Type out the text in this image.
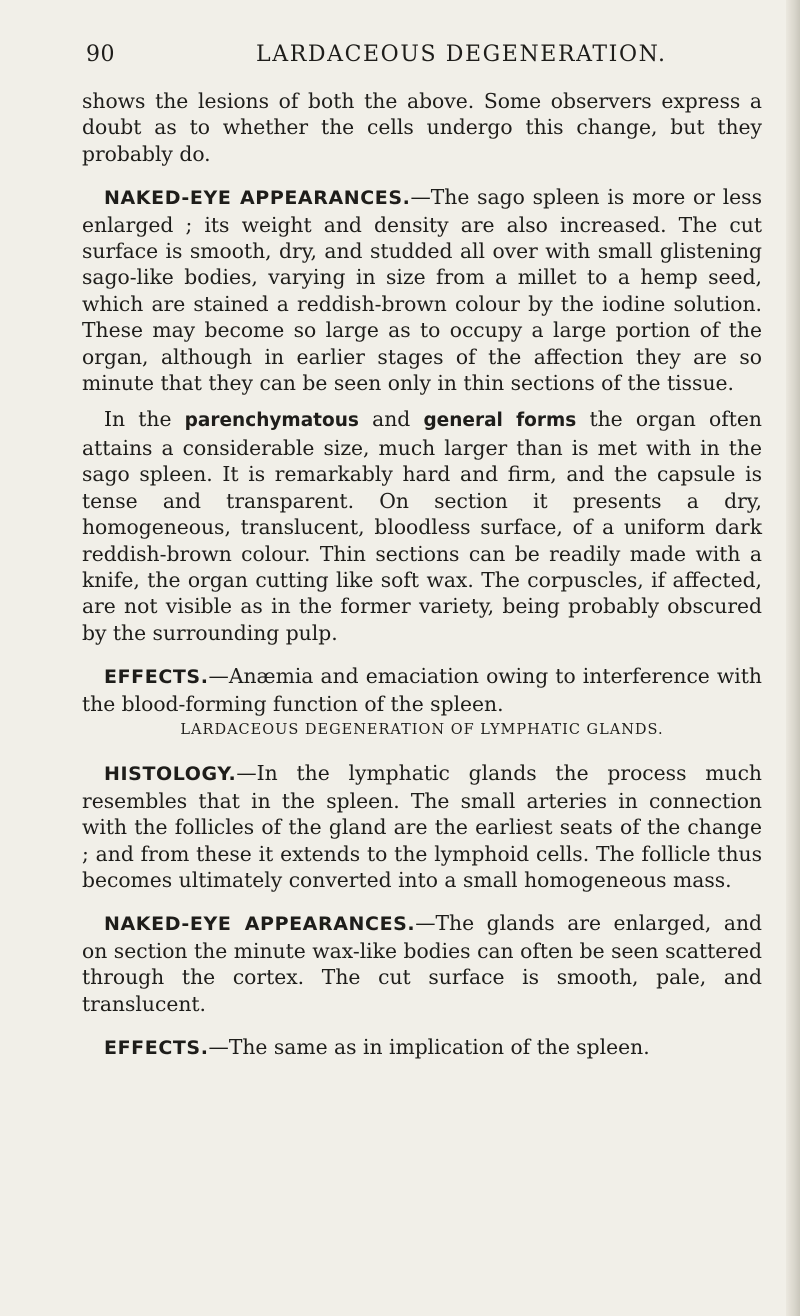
90	LARDACEOUS DEGENERATION.

shows the lesions of both the above. Some observers express a doubt as to whether the cells undergo this change, but they probably do.

NAKED-EYE APPEARANCES.—The sago spleen is more or less enlarged ; its weight and density are also increased. The cut surface is smooth, dry, and studded all over with small glistening sago-like bodies, varying in size from a millet to a hemp seed, which are stained a reddish-brown colour by the iodine solution. These may become so large as to occupy a large portion of the organ, although in earlier stages of the affection they are so minute that they can be seen only in thin sections of the tissue.

In the parenchymatous and general forms the organ often attains a considerable size, much larger than is met with in the sago spleen. It is remarkably hard and firm, and the capsule is tense and transparent. On section it presents a dry, homogeneous, translucent, bloodless surface, of a uniform dark reddish-brown colour. Thin sections can be readily made with a knife, the organ cutting like soft wax. The corpuscles, if affected, are not visible as in the former variety, being probably obscured by the surrounding pulp.

EFFECTS.—Anæmia and emaciation owing to interference with the blood-forming function of the spleen.

LARDACEOUS DEGENERATION OF LYMPHATIC GLANDS.

HISTOLOGY.—In the lymphatic glands the process much resembles that in the spleen. The small arteries in connection with the follicles of the gland are the earliest seats of the change ; and from these it extends to the lymphoid cells. The follicle thus becomes ultimately converted into a small homogeneous mass.

NAKED-EYE APPEARANCES.—The glands are enlarged, and on section the minute wax-like bodies can often be seen scattered through the cortex. The cut surface is smooth, pale, and translucent.

EFFECTS.—The same as in implication of the spleen.
